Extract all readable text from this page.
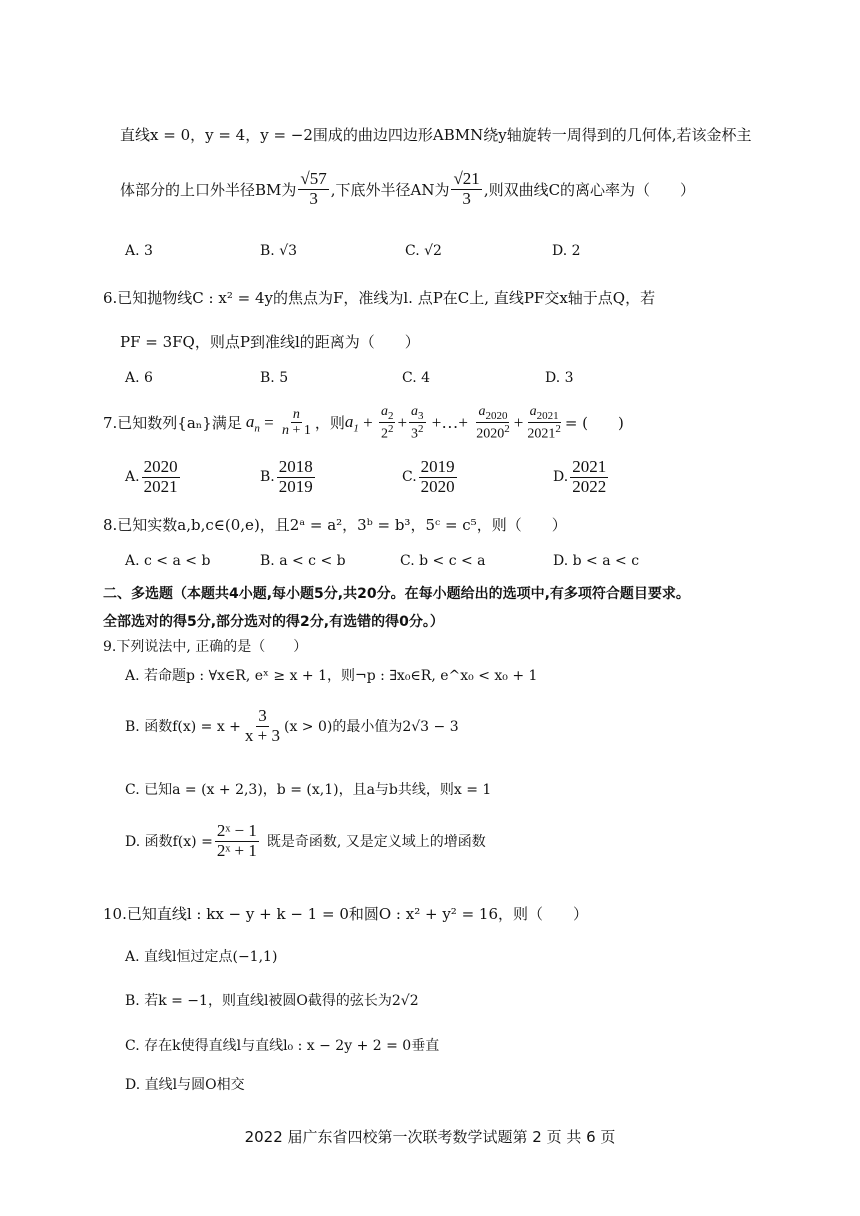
直线x = 0，y = 4，y = −2围成的曲边四边形ABMN绕y轴旋转一周得到的几何体,若该金杯主
体部分的上口外半径BM为 $\frac{√57}{3}$ ,下底外半径AN为 $\frac{√21}{3}$ ,则双曲线C的离心率为（　　）
A. 3	B. √3	C. √2	D. 2
6.已知抛物线C : x² = 4y的焦点为F，准线为l. 点P在C上, 直线PF交x轴于点Q，若
PF = 3FQ，则点P到准线l的距离为（　　）
A. 6	B. 5	C. 4	D. 3
7.已知数列{aₙ}满足 $a_n = \frac{n}{n + 1}$ ，则 $a_1 + \frac{a_2}{2^2} + \frac{a_3}{3^2}$ +…+ $\frac{a_{2020}}{2020^2} + \frac{a_{2021}}{2021^2}$ = (　　)
A. $\frac{2020}{2021}$	B. $\frac{2018}{2019}$	C. $\frac{2019}{2020}$	D. $\frac{2021}{2022}$
8.已知实数a,b,c∈(0,e)，且2ᵃ = a²，3ᵇ = b³，5ᶜ = c⁵，则（　　）
A. c < a < b	B. a < c < b	C. b < c < a	D. b < a < c
二、多选题（本题共4小题,每小题5分,共20分。在每小题给出的选项中,有多项符合题目要求。
全部选对的得5分,部分选对的得2分,有选错的得0分。）
9.下列说法中, 正确的是（　　）
A. 若命题p : ∀x∈R, eˣ ≥ x + 1，则¬p : ∃x₀∈R, e^x₀ < x₀ + 1
B. 函数$f(x) = x + \frac{3}{x + 3} (x > 0)$的最小值为2√3 − 3
C. 已知a = (x + 2,3)，b = (x,1)，且a与b共线，则x = 1
D. 函数$f(x) = \frac{\text{2ˣ − 1}}{\text{2ˣ + 1}}$ 既是奇函数, 又是定义域上的增函数
10.已知直线l : kx − y + k − 1 = 0和圆O : x² + y² = 16，则（　　）
A. 直线l恒过定点(−1,1)
B. 若k = −1，则直线l被圆O截得的弦长为2√2
C. 存在k使得直线l与直线l₀ : x − 2y + 2 = 0垂直
D. 直线l与圆O相交
2022 届广东省四校第一次联考数学试题第 2 页 共 6 页
